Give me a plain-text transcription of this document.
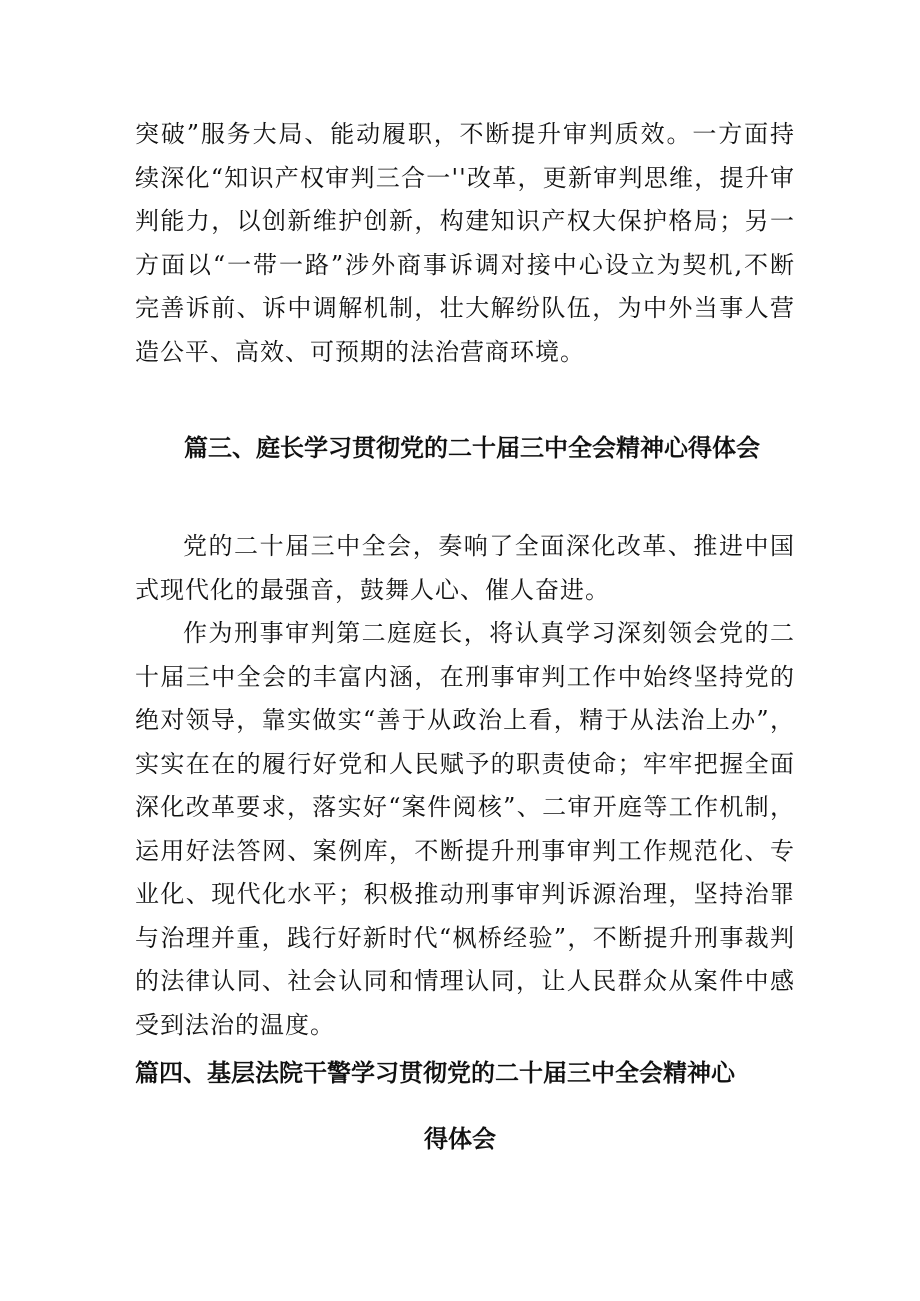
突破”服务大局、能动履职，不断提升审判质效。一方面持续深化“知识产权审判三合一''改革，更新审判思维，提升审判能力，以创新维护创新，构建知识产权大保护格局；另一方面以“一带一路”涉外商事诉调对接中心设立为契机,不断完善诉前、诉中调解机制，壮大解纷队伍，为中外当事人营造公平、高效、可预期的法治营商环境。

篇三、庭长学习贯彻党的二十届三中全会精神心得体会

党的二十届三中全会，奏响了全面深化改革、推进中国式现代化的最强音，鼓舞人心、催人奋进。

作为刑事审判第二庭庭长，将认真学习深刻领会党的二十届三中全会的丰富内涵，在刑事审判工作中始终坚持党的绝对领导，靠实做实“善于从政治上看，精于从法治上办”，实实在在的履行好党和人民赋予的职责使命；牢牢把握全面深化改革要求，落实好“案件阅核”、二审开庭等工作机制，运用好法答网、案例库，不断提升刑事审判工作规范化、专业化、现代化水平；积极推动刑事审判诉源治理，坚持治罪与治理并重，践行好新时代“枫桥经验”，不断提升刑事裁判的法律认同、社会认同和情理认同，让人民群众从案件中感受到法治的温度。

篇四、基层法院干警学习贯彻党的二十届三中全会精神心
得体会
